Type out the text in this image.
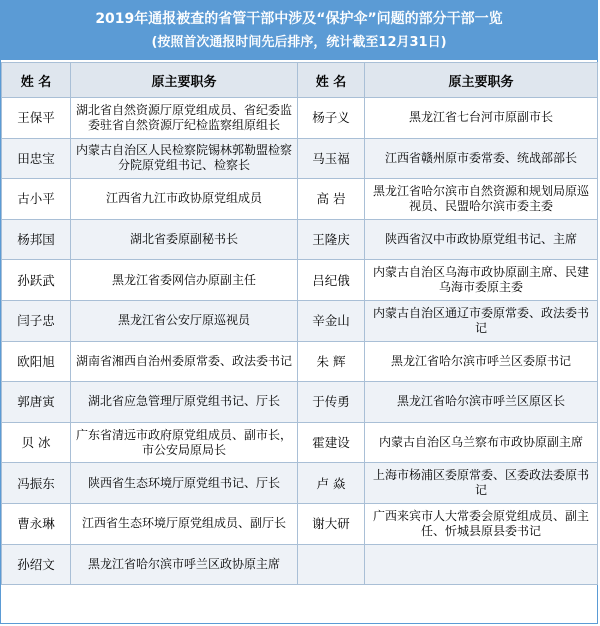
2019年通报被查的省管干部中涉及“保护伞”问题的部分干部一览
(按照首次通报时间先后排序，统计截至12月31日)
姓 名	原主要职务	姓 名	原主要职务
王保平	湖北省自然资源厅原党组成员、省纪委监委驻省自然资源厅纪检监察组原组长	杨子义	黑龙江省七台河市原副市长
田忠宝	内蒙古自治区人民检察院锡林郭勒盟检察分院原党组书记、检察长	马玉福	江西省赣州原市委常委、统战部部长
古小平	江西省九江市政协原党组成员	高 岩	黑龙江省哈尔滨市自然资源和规划局原巡视员、民盟哈尔滨市委主委
杨邦国	湖北省委原副秘书长	王隆庆	陕西省汉中市政协原党组书记、主席
孙跃武	黑龙江省委网信办原副主任	吕纪俄	内蒙古自治区乌海市政协原副主席、民建乌海市委原主委
闫子忠	黑龙江省公安厅原巡视员	辛金山	内蒙古自治区通辽市委原常委、政法委书记
欧阳旭	湖南省湘西自治州委原常委、政法委书记	朱 辉	黑龙江省哈尔滨市呼兰区委原书记
郭唐寅	湖北省应急管理厅原党组书记、厅长	于传勇	黑龙江省哈尔滨市呼兰区原区长
贝 冰	广东省清远市政府原党组成员、副市长，市公安局原局长	霍建设	内蒙古自治区乌兰察布市政协原副主席
冯振东	陕西省生态环境厅原党组书记、厅长	卢 焱	上海市杨浦区委原常委、区委政法委原书记
曹永琳	江西省生态环境厅原党组成员、副厅长	谢大研	广西来宾市人大常委会原党组成员、副主任、忻城县原县委书记
孙绍文	黑龙江省哈尔滨市呼兰区政协原主席		
